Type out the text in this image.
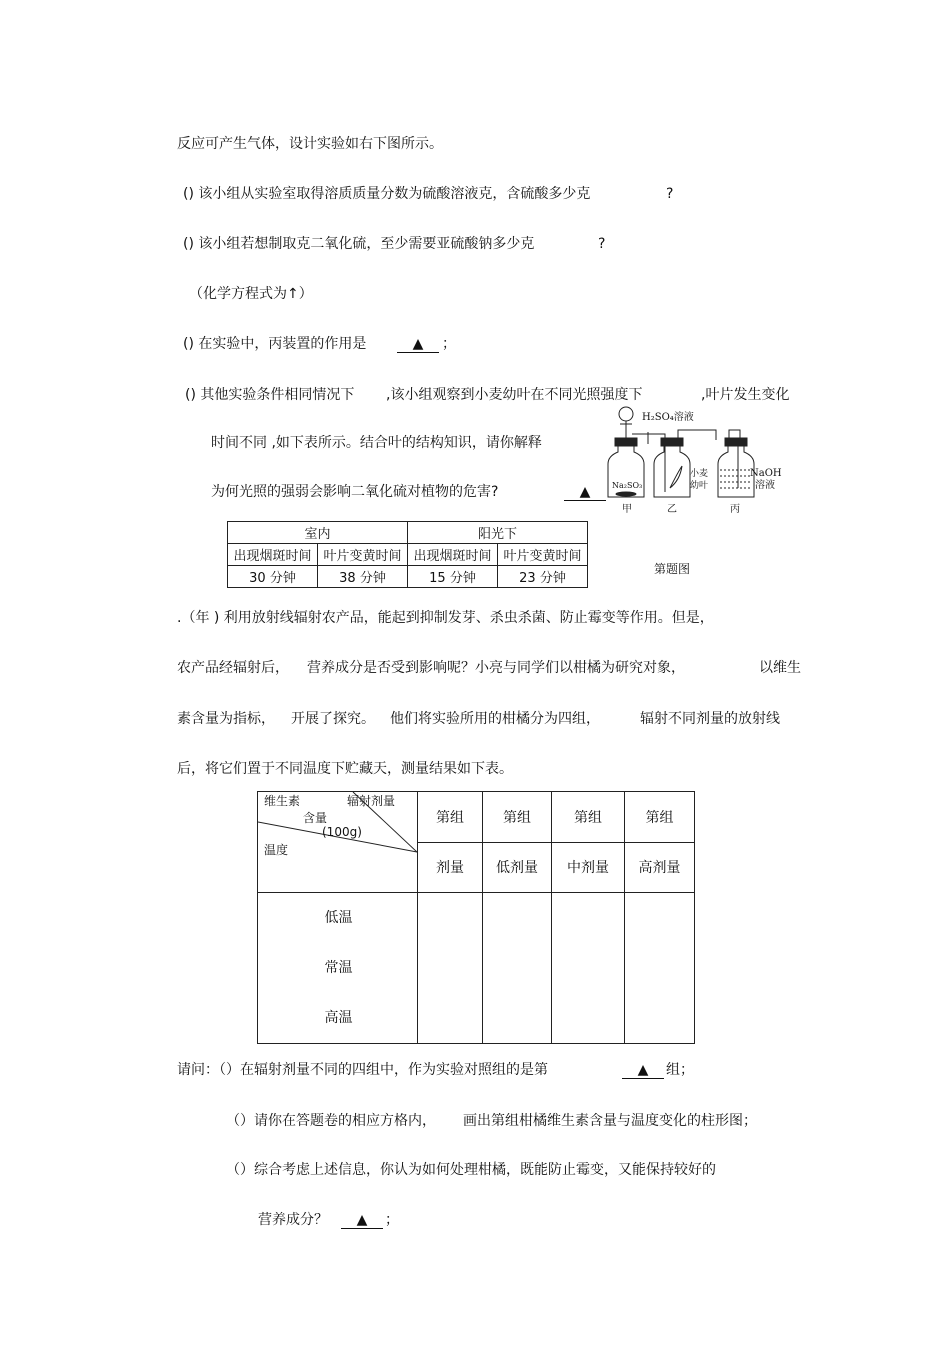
反应可产生气体，设计实验如右下图所示。
() 该小组从实验室取得溶质质量分数为硫酸溶液克，含硫酸多少克	?
() 该小组若想制取克二氧化硫，至少需要亚硫酸钠多少克	?
（化学方程式为↑）
() 在实验中，丙装置的作用是	▲	；
() 其他实验条件相同情况下 ,该小组观察到小麦幼叶在不同光照强度下	,叶片发生变化
时间不同 ,如下表所示。结合叶的结构知识，请你解释
为何光照的强弱会影响二氧化硫对植物的危害?	▲
H₂SO₄溶液
Na₂SO₃
小麦
幼叶
NaOH
溶液
甲	乙	丙
第题图
室内		阳光下	
出现烟斑时间	叶片变黄时间	出现烟斑时间	叶片变黄时间
30 分钟	38 分钟	15 分钟	23 分钟
.（年 ) 利用放射线辐射农产品，能起到抑制发芽、杀虫杀菌、防止霉变等作用。但是，
农产品经辐射后， 营养成分是否受到影响呢？小亮与同学们以柑橘为研究对象，	以维生
素含量为指标， 开展了探究。 他们将实验所用的柑橘分为四组，	辐射不同剂量的放射线
后，将它们置于不同温度下贮藏天，测量结果如下表。
维生素 辐射剂量
含量
(100g)
温度	第组	第组	第组	第组
	剂量	低剂量	中剂量	高剂量

低温
常温
高温				

请问：（）在辐射剂量不同的四组中，作为实验对照组的是第	▲	组；
（）请你在答题卷的相应方格内， 画出第组柑橘维生素含量与温度变化的柱形图；
（）综合考虑上述信息，你认为如何处理柑橘，既能防止霉变，又能保持较好的
营养成分？	▲	；
